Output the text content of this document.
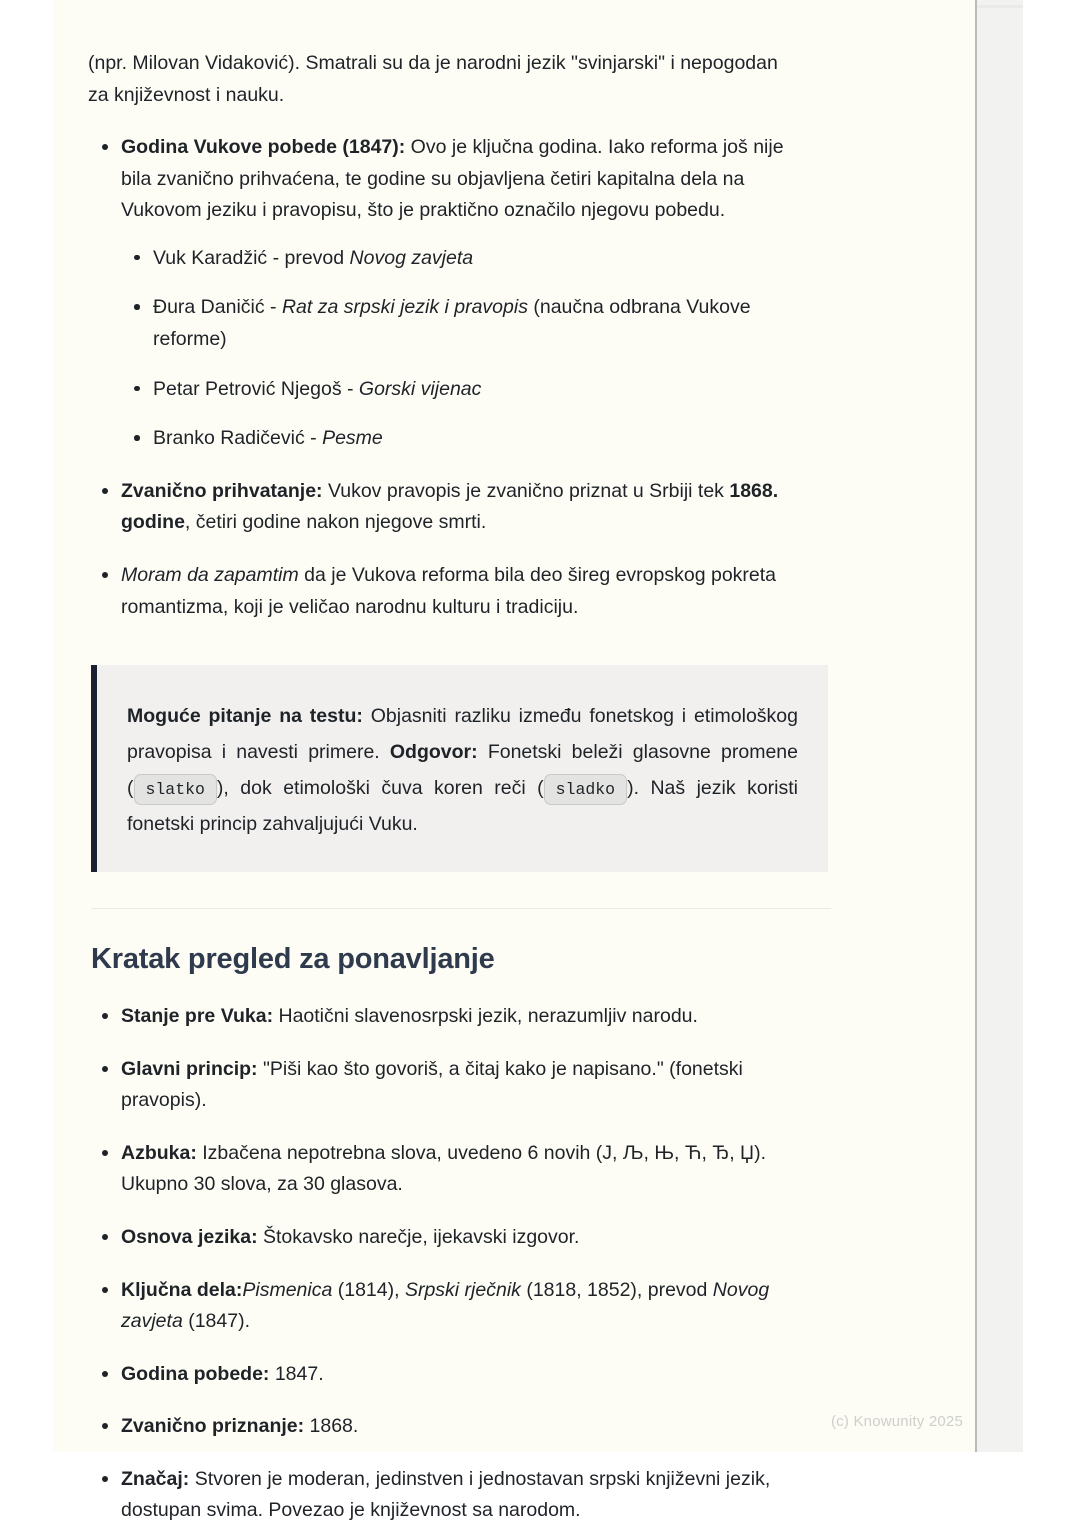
(npr. Milovan Vidaković). Smatrali su da je narodni jezik "svinjarski" i nepogodan za književnost i nauku.

Godina Vukove pobede (1847): Ovo je ključna godina. Iako reforma još nije bila zvanično prihvaćena, te godine su objavljena četiri kapitalna dela na Vukovom jeziku i pravopisu, što je praktično označilo njegovu pobedu.
Vuk Karadžić - prevod Novog zavjeta
Đura Daničić - Rat za srpski jezik i pravopis (naučna odbrana Vukove reforme)
Petar Petrović Njegoš - Gorski vijenac
Branko Radičević - Pesme
Zvanično prihvatanje: Vukov pravopis je zvanično priznat u Srbiji tek 1868. godine, četiri godine nakon njegove smrti.
Moram da zapamtim da je Vukova reforma bila deo šireg evropskog pokreta romantizma, koji je veličao narodnu kulturu i tradiciju.

Moguće pitanje na testu: Objasniti razliku između fonetskog i etimološkog pravopisa i navesti primere. Odgovor: Fonetski beleži glasovne promene ( slatko ), dok etimološki čuva koren reči ( sladko ). Naš jezik koristi fonetski princip zahvaljujući Vuku.

Kratak pregled za ponavljanje
Stanje pre Vuka: Haotični slavenosrpski jezik, nerazumljiv narodu.
Glavni princip: "Piši kao što govoriš, a čitaj kako je napisano." (fonetski pravopis).
Azbuka: Izbačena nepotrebna slova, uvedeno 6 novih (Ј, Љ, Њ, Ћ, Ђ, Џ). Ukupno 30 slova, za 30 glasova.
Osnova jezika: Štokavsko narečje, ijekavski izgovor.
Ključna dela:Pismenica (1814), Srpski rječnik (1818, 1852), prevod Novog zavjeta (1847).
Godina pobede: 1847.
Zvanično priznanje: 1868.
Značaj: Stvoren je moderan, jedinstven i jednostavan srpski književni jezik, dostupan svima. Povezao je književnost sa narodom.
(c) Knowunity 2025
